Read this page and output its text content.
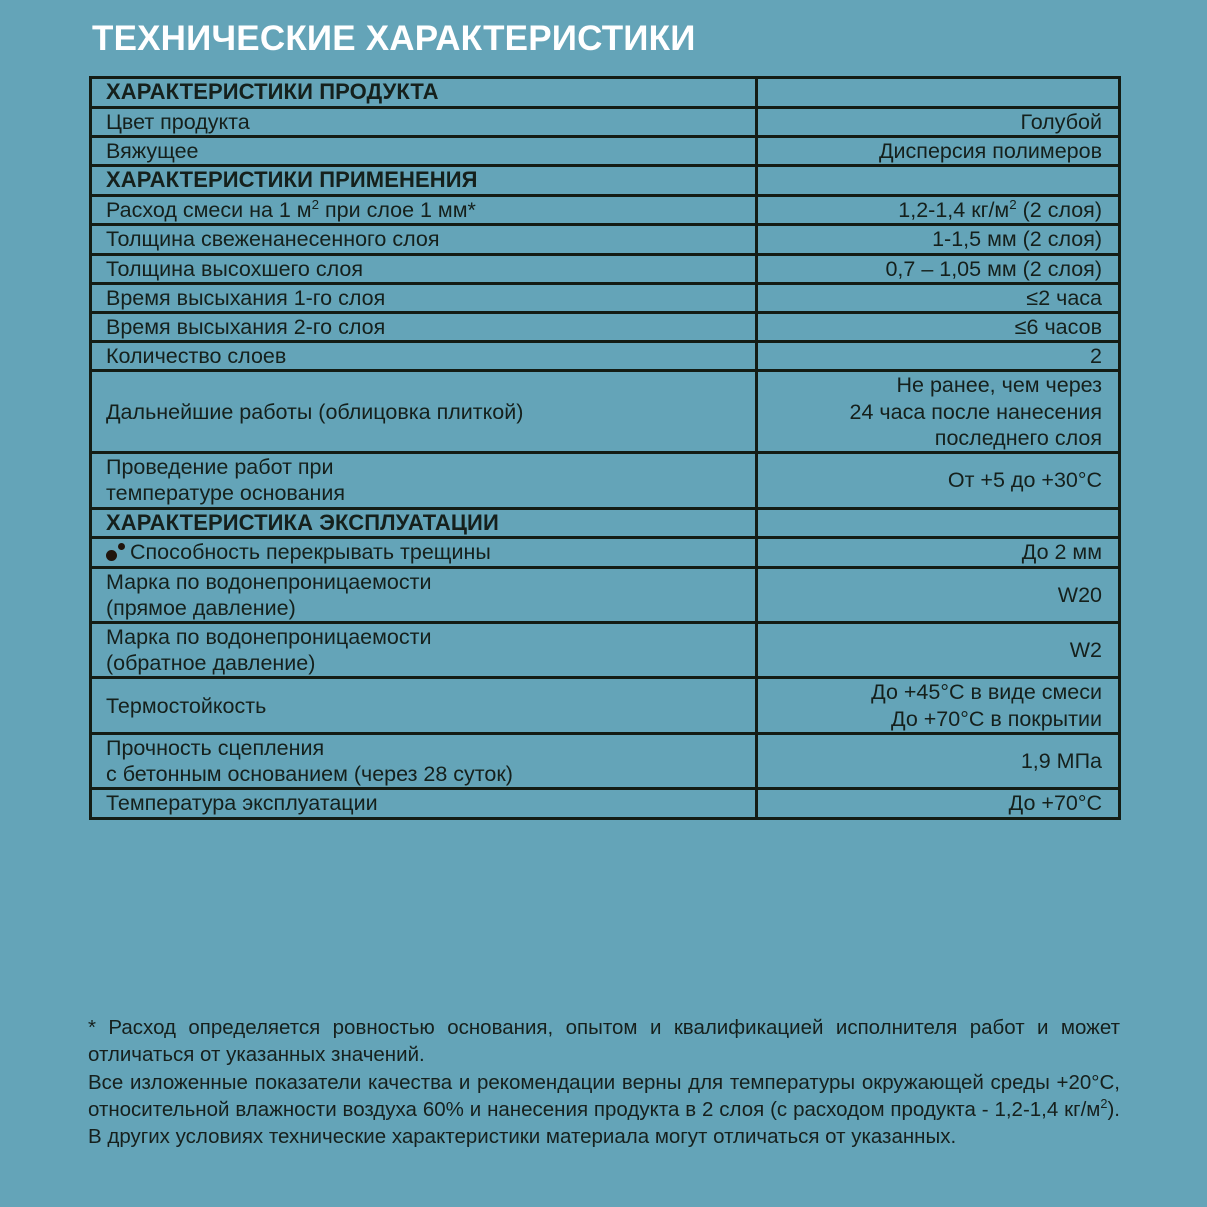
ТЕХНИЧЕСКИЕ ХАРАКТЕРИСТИКИ
ХАРАКТЕРИСТИКИ ПРОДУКТА	
Цвет продукта	Голубой
Вяжущее	Дисперсия полимеров
ХАРАКТЕРИСТИКИ ПРИМЕНЕНИЯ	
Расход смеси на 1 $м^2$ при слое 1 мм*	1,2-1,4 $кг/м^2$ (2 слоя)
Толщина свеженанесенного слоя	1-1,5 мм (2 слоя)
Толщина высохшего слоя	0,7 – 1,05 мм (2 слоя)
Время высыхания 1-го слоя	≤2 часа
Время высыхания 2-го слоя	≤6 часов
Количество слоев	2
Дальнейшие работы (облицовка плиткой)	Не ранее, чем через
24 часа после нанесения
последнего слоя

Проведение работ при
температуре основания	От +5 до +30°C
ХАРАКТЕРИСТИКА ЭКСПЛУАТАЦИИ	

Способность перекрывать трещины	До 2 мм

Марка по водонепроницаемости
(прямое давление)	W20

Марка по водонепроницаемости
(обратное давление)	W2
Термостойкость	До +45°C в виде смеси
До +70°C в покрытии

Прочность сцепления
с бетонным основанием (через 28 суток)	1,9 МПа
Температура эксплуатации	До +70°C

* Расход определяется ровностью основания, опытом и квалификацией исполнителя работ и может отличаться от указанных значений.

Все изложенные показатели качества и рекомендации верны для температуры окружающей среды +20°C, относительной влажности воздуха 60% и нанесения продукта в 2 слоя (с расходом продукта - 1,2-1,4 $кг/м^2$). В других условиях технические характеристики материала могут отличаться от указанных.
